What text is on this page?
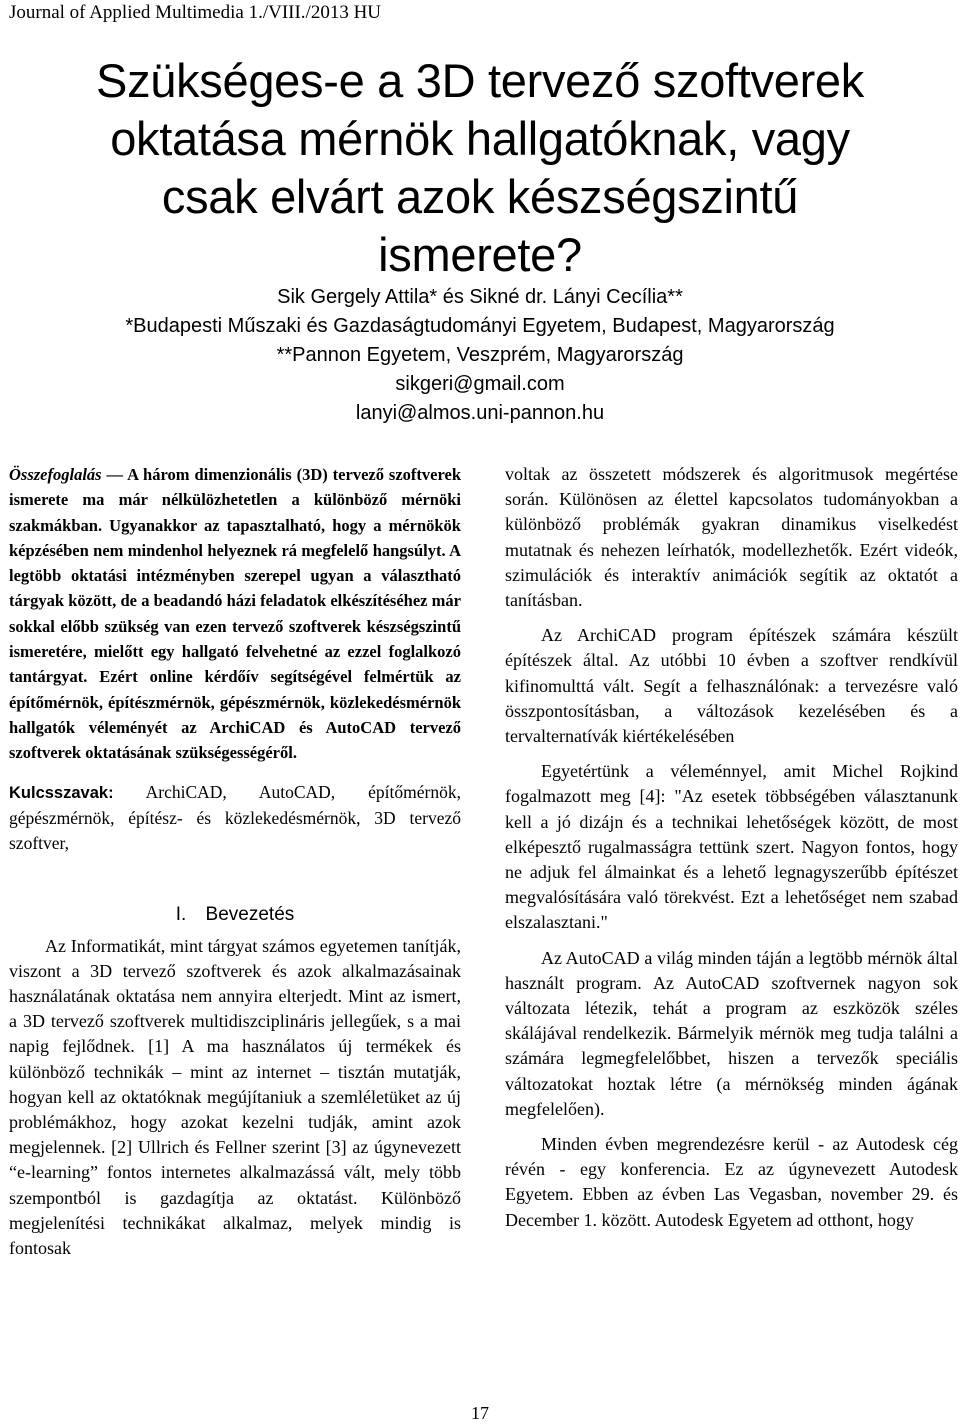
Journal of Applied Multimedia 1./VIII./2013 HU
Szükséges-e a 3D tervező szoftverek oktatása mérnök hallgatóknak, vagy csak elvárt azok készségszintű ismerete?
Sik Gergely Attila* és Sikné dr. Lányi Cecília**
*Budapesti Műszaki és Gazdaságtudományi Egyetem, Budapest, Magyarország
**Pannon Egyetem, Veszprém, Magyarország
sikgeri@gmail.com
lanyi@almos.uni-pannon.hu

Összefoglalás — A három dimenzionális (3D) tervező szoftverek ismerete ma már nélkülözhetetlen a különböző mérnöki szakmákban. Ugyanakkor az tapasztalható, hogy a mérnökök képzésében nem mindenhol helyeznek rá megfelelő hangsúlyt. A legtöbb oktatási intézményben szerepel ugyan a választható tárgyak között, de a beadandó házi feladatok elkészítéséhez már sokkal előbb szükség van ezen tervező szoftverek készségszintű ismeretére, mielőtt egy hallgató felvehetné az ezzel foglalkozó tantárgyat. Ezért online kérdőív segítségével felmértük az építőmérnök, építészmérnök, gépészmérnök, közlekedésmérnök hallgatók véleményét az ArchiCAD és AutoCAD tervező szoftverek oktatásának szükségességéről.

Kulcsszavak: ArchiCAD, AutoCAD, építőmérnök, gépészmérnök, építész- és közlekedésmérnök, 3D tervező szoftver,

I. Bevezetés

Az Informatikát, mint tárgyat számos egyetemen tanítják, viszont a 3D tervező szoftverek és azok alkalmazásainak használatának oktatása nem annyira elterjedt. Mint az ismert, a 3D tervező szoftverek multidiszciplináris jellegűek, s a mai napig fejlődnek. [1] A ma használatos új termékek és különböző technikák – mint az internet – tisztán mutatják, hogyan kell az oktatóknak megújítaniuk a szemléletüket az új problémákhoz, hogy azokat kezelni tudják, amint azok megjelennek. [2] Ullrich és Fellner szerint [3] az úgynevezett “e-learning” fontos internetes alkalmazássá vált, mely több szempontból is gazdagítja az oktatást. Különböző megjelenítési technikákat alkalmaz, melyek mindig is fontosak

voltak az összetett módszerek és algoritmusok megértése során. Különösen az élettel kapcsolatos tudományokban a különböző problémák gyakran dinamikus viselkedést mutatnak és nehezen leírhatók, modellezhetők. Ezért videók, szimulációk és interaktív animációk segítik az oktatót a tanításban.

Az ArchiCAD program építészek számára készült építészek által. Az utóbbi 10 évben a szoftver rendkívül kifinomulttá vált. Segít a felhasználónak: a tervezésre való összpontosításban, a változások kezelésében és a tervalternatívák kiértékelésében

Egyetértünk a véleménnyel, amit Michel Rojkind fogalmazott meg [4]: "Az esetek többségében választanunk kell a jó dizájn és a technikai lehetőségek között, de most elképesztő rugalmasságra tettünk szert. Nagyon fontos, hogy ne adjuk fel álmainkat és a lehető legnagyszerűbb építészet megvalósítására való törekvést. Ezt a lehetőséget nem szabad elszalasztani."

Az AutoCAD a világ minden táján a legtöbb mérnök által használt program. Az AutoCAD szoftvernek nagyon sok változata létezik, tehát a program az eszközök széles skálájával rendelkezik. Bármelyik mérnök meg tudja találni a számára legmegfelelőbbet, hiszen a tervezők speciális változatokat hoztak létre (a mérnökség minden ágának megfelelően).

Minden évben megrendezésre kerül - az Autodesk cég révén - egy konferencia. Ez az úgynevezett Autodesk Egyetem. Ebben az évben Las Vegasban, november 29. és December 1. között. Autodesk Egyetem ad otthont, hogy

17
